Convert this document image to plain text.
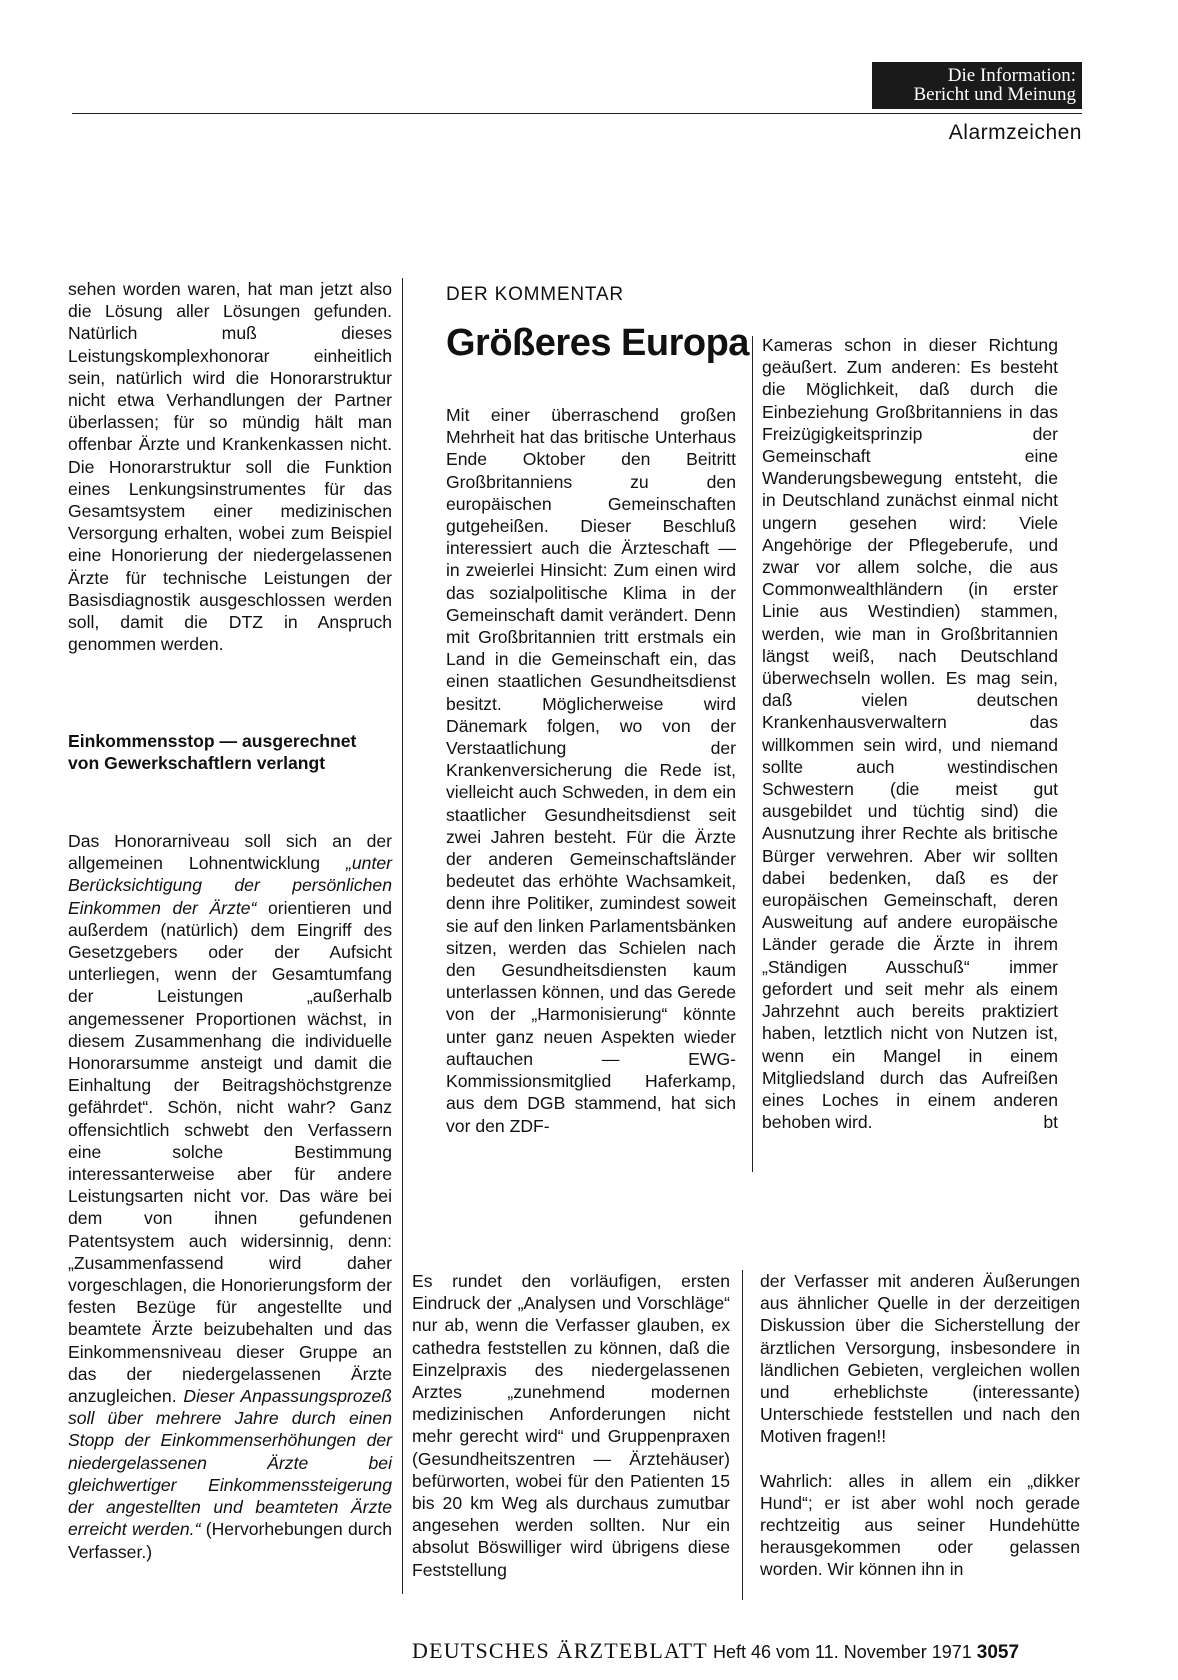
Die Information:
Bericht und Meinung
Alarmzeichen

sehen worden waren, hat man jetzt also die Lösung aller Lösungen gefunden. Natürlich muß dieses Leistungskomplexhonorar einheitlich sein, natürlich wird die Honorarstruktur nicht etwa Verhandlungen der Partner überlassen; für so mündig hält man offenbar Ärzte und Krankenkassen nicht. Die Honorarstruktur soll die Funktion eines Lenkungsinstrumentes für das Gesamtsystem einer medizinischen Versorgung erhalten, wobei zum Beispiel eine Honorierung der niedergelassenen Ärzte für technische Leistungen der Basisdiagnostik ausgeschlossen werden soll, damit die DTZ in Anspruch genommen werden.

Einkommensstop — ausgerechnet von Gewerkschaftlern verlangt

Das Honorarniveau soll sich an der allgemeinen Lohnentwicklung „unter Berücksichtigung der persönlichen Einkommen der Ärzte“ orientieren und außerdem (natürlich) dem Eingriff des Gesetzgebers oder der Aufsicht unterliegen, wenn der Gesamtumfang der Leistungen „außerhalb angemessener Proportionen wächst, in diesem Zusammenhang die individuelle Honorarsumme ansteigt und damit die Einhaltung der Beitragshöchstgrenze gefährdet“. Schön, nicht wahr? Ganz offensichtlich schwebt den Verfassern eine solche Bestimmung interessanterweise aber für andere Leistungsarten nicht vor. Das wäre bei dem von ihnen gefundenen Patentsystem auch widersinnig, denn: „Zusammenfassend wird daher vorgeschlagen, die Honorierungsform der festen Bezüge für angestellte und beamtete Ärzte beizubehalten und das Einkommensniveau dieser Gruppe an das der niedergelassenen Ärzte anzugleichen. Dieser Anpassungsprozeß soll über mehrere Jahre durch einen Stopp der Einkommenserhöhungen der niedergelassenen Ärzte bei gleichwertiger Einkommenssteigerung der angestellten und beamteten Ärzte erreicht werden.“ (Hervorhebungen durch Verfasser.)

DER KOMMENTAR
Größeres Europa

Mit einer überraschend großen Mehrheit hat das britische Unterhaus Ende Oktober den Beitritt Großbritanniens zu den europäischen Gemeinschaften gutgeheißen. Dieser Beschluß interessiert auch die Ärzteschaft — in zweierlei Hinsicht: Zum einen wird das sozialpolitische Klima in der Gemeinschaft damit verändert. Denn mit Großbritannien tritt erstmals ein Land in die Gemeinschaft ein, das einen staatlichen Gesundheitsdienst besitzt. Möglicherweise wird Dänemark folgen, wo von der Verstaatlichung der Krankenversicherung die Rede ist, vielleicht auch Schweden, in dem ein staatlicher Gesundheitsdienst seit zwei Jahren besteht. Für die Ärzte der anderen Gemeinschaftsländer bedeutet das erhöhte Wachsamkeit, denn ihre Politiker, zumindest soweit sie auf den linken Parlamentsbänken sitzen, werden das Schielen nach den Gesundheitsdiensten kaum unterlassen können, und das Gerede von der „Harmonisierung“ könnte unter ganz neuen Aspekten wieder auftauchen — EWG-Kommissionsmitglied Haferkamp, aus dem DGB stammend, hat sich vor den ZDF-

Kameras schon in dieser Richtung geäußert. Zum anderen: Es besteht die Möglichkeit, daß durch die Einbeziehung Großbritanniens in das Freizügigkeitsprinzip der Gemeinschaft eine Wanderungsbewegung entsteht, die in Deutschland zunächst einmal nicht ungern gesehen wird: Viele Angehörige der Pflegeberufe, und zwar vor allem solche, die aus Commonwealthländern (in erster Linie aus Westindien) stammen, werden, wie man in Großbritannien längst weiß, nach Deutschland überwechseln wollen. Es mag sein, daß vielen deutschen Krankenhausverwaltern das willkommen sein wird, und niemand sollte auch westindischen Schwestern (die meist gut ausgebildet und tüchtig sind) die Ausnutzung ihrer Rechte als britische Bürger verwehren. Aber wir sollten dabei bedenken, daß es der europäischen Gemeinschaft, deren Ausweitung auf andere europäische Länder gerade die Ärzte in ihrem „Ständigen Ausschuß“ immer gefordert und seit mehr als einem Jahrzehnt auch bereits praktiziert haben, letztlich nicht von Nutzen ist, wenn ein Mangel in einem Mitgliedsland durch das Aufreißen eines Loches in einem anderen behoben wird.	bt

Es rundet den vorläufigen, ersten Eindruck der „Analysen und Vorschläge“ nur ab, wenn die Verfasser glauben, ex cathedra feststellen zu können, daß die Einzelpraxis des niedergelassenen Arztes „zunehmend modernen medizinischen Anforderungen nicht mehr gerecht wird“ und Gruppenpraxen (Gesundheitszentren — Ärztehäuser) befürworten, wobei für den Patienten 15 bis 20 km Weg als durchaus zumutbar angesehen werden sollten. Nur ein absolut Böswilliger wird übrigens diese Feststellung

der Verfasser mit anderen Äußerungen aus ähnlicher Quelle in der derzeitigen Diskussion über die Sicherstellung der ärztlichen Versorgung, insbesondere in ländlichen Gebieten, vergleichen wollen und erheblichste (interessante) Unterschiede feststellen und nach den Motiven fragen!!

Wahrlich: alles in allem ein „dikker Hund“; er ist aber wohl noch gerade rechtzeitig aus seiner Hundehütte herausgekommen oder gelassen worden. Wir können ihn in

DEUTSCHES ÄRZTEBLATT Heft 46 vom 11. November 1971 3057
